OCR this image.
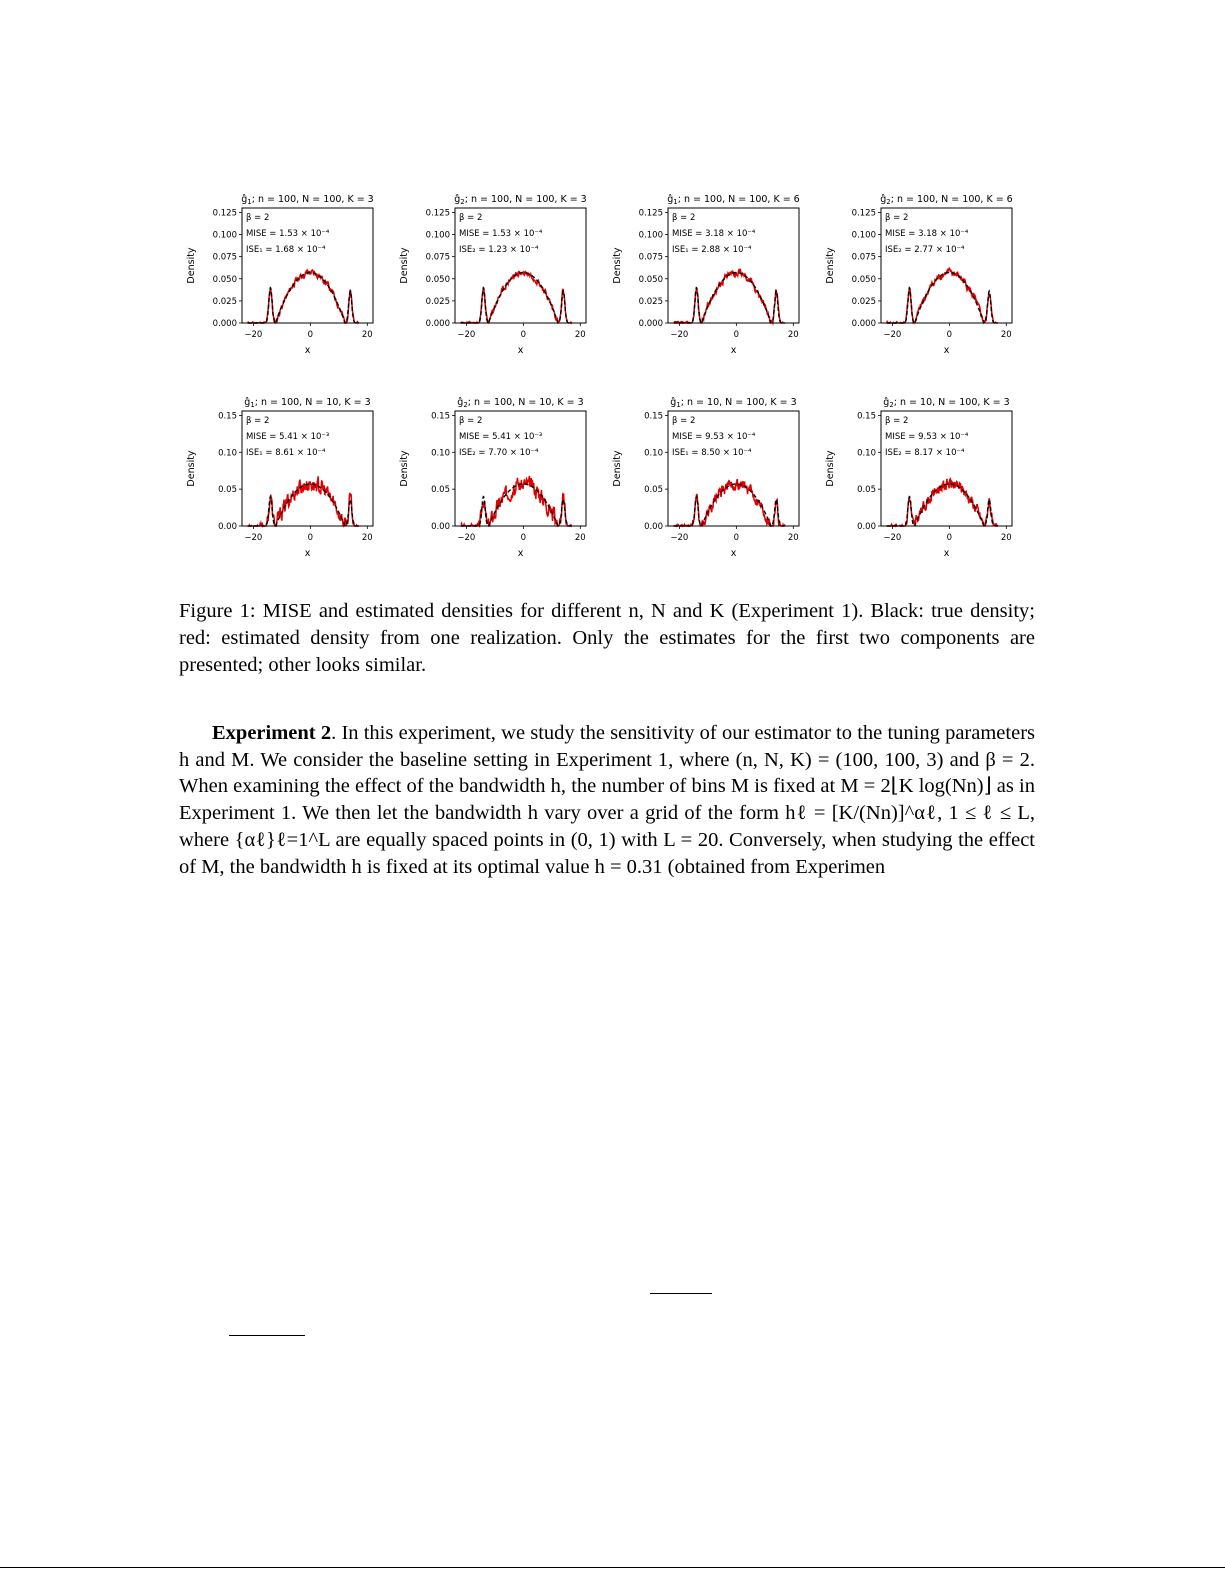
$ĝ_1$; n = 100, N = 100, K = 3
0.000
0.025
0.050
0.075
0.100
0.125
−20	0	20
x
Density
β = 2
MISE = 1.53 × 10⁻⁴
ISE₁ = 1.68 × 10⁻⁴
$ĝ_2$; n = 100, N = 100, K = 3
0.000
0.025
0.050
0.075
0.100
0.125
−20	0	20
x
Density
β = 2
MISE = 1.53 × 10⁻⁴
ISE₂ = 1.23 × 10⁻⁴
$ĝ_1$; n = 100, N = 100, K = 6
0.000
0.025
0.050
0.075
0.100
0.125
−20	0	20
x
Density
β = 2
MISE = 3.18 × 10⁻⁴
ISE₁ = 2.88 × 10⁻⁴
$ĝ_2$; n = 100, N = 100, K = 6
0.000
0.025
0.050
0.075
0.100
0.125
−20	0	20
x
Density
β = 2
MISE = 3.18 × 10⁻⁴
ISE₂ = 2.77 × 10⁻⁴
$ĝ_1$; n = 100, N = 10, K = 3
0.00
0.05
0.10
0.15
−20	0	20
x
Density
β = 2
MISE = 5.41 × 10⁻³
ISE₁ = 8.61 × 10⁻⁴
$ĝ_2$; n = 100, N = 10, K = 3
0.00
0.05
0.10
0.15
−20	0	20
x
Density
β = 2
MISE = 5.41 × 10⁻³
ISE₂ = 7.70 × 10⁻⁴
$ĝ_1$; n = 10, N = 100, K = 3
0.00
0.05
0.10
0.15
−20	0	20
x
Density
β = 2
MISE = 9.53 × 10⁻⁴
ISE₁ = 8.50 × 10⁻⁴
$ĝ_2$; n = 10, N = 100, K = 3
0.00
0.05
0.10
0.15
−20	0	20
x
Density
β = 2
MISE = 9.53 × 10⁻⁴
ISE₂ = 8.17 × 10⁻⁴
Figure 1: MISE and estimated densities for different n, N and K (Experiment 1). Black: true density; red: estimated density from one realization. Only the estimates for the first two components are presented; other looks similar.

Experiment 2. In this experiment, we study the sensitivity of our estimator to the tuning parameters h and M. We consider the baseline setting in Experiment 1, where (n, N, K) = (100, 100, 3) and β = 2. When examining the effect of the bandwidth h, the number of bins M is fixed at M = 2⌊K log(Nn)⌋ as in Experiment 1. We then let the bandwidth h vary over a grid of the form hℓ = [K/(Nn)]^αℓ, 1 ≤ ℓ ≤ L, where {αℓ}ℓ=1^L are equally spaced points in (0, 1) with L = 20. Conversely, when studying the effect of M, the bandwidth h is fixed at its optimal value h = 0.31 (obtained from Experimen
